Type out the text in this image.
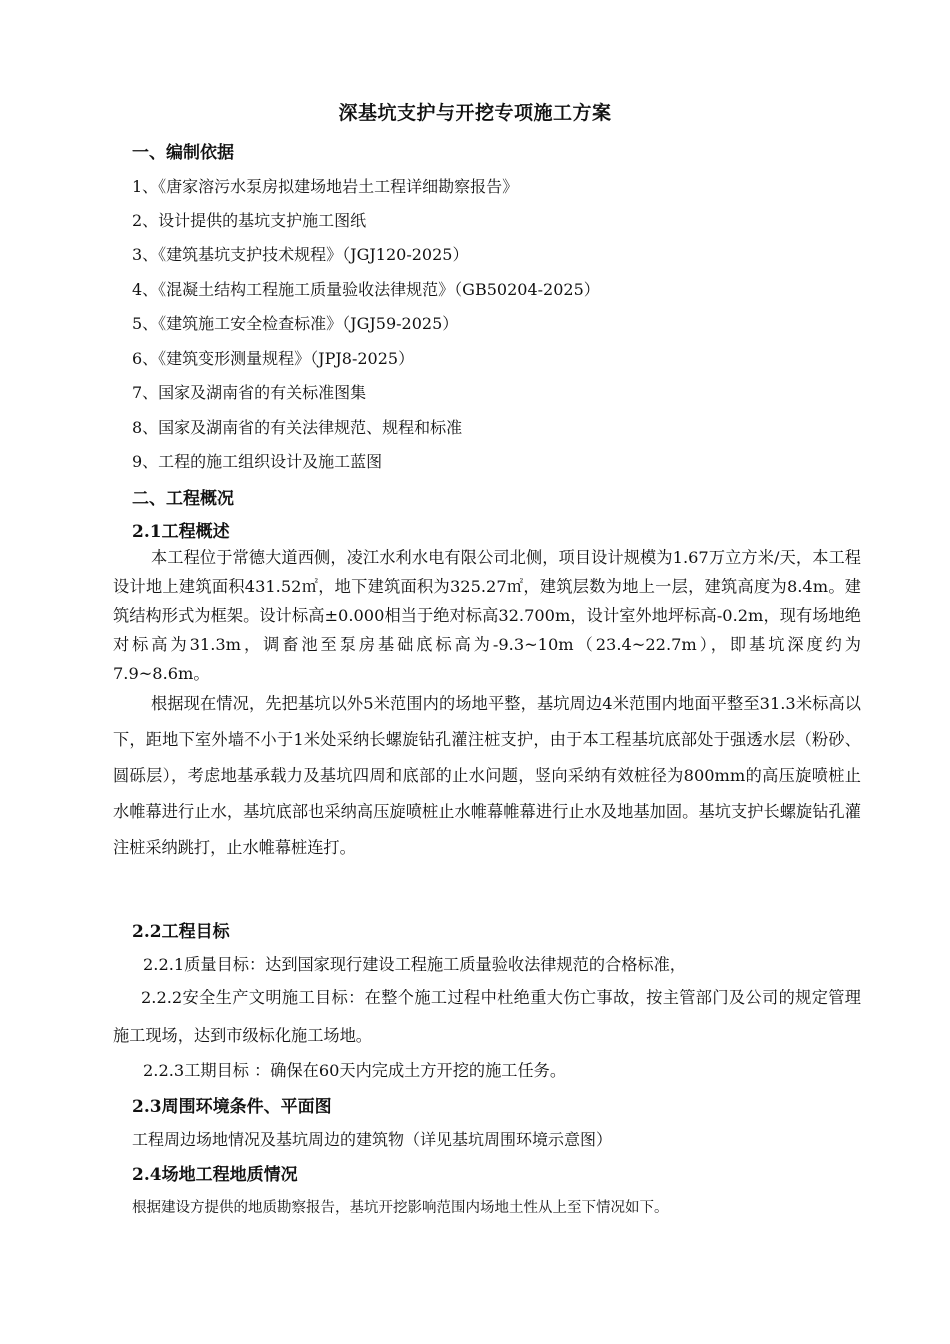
深基坑支护与开挖专项施工方案
一、编制依据
1、《唐家溶污水泵房拟建场地岩土工程详细勘察报告》
2、设计提供的基坑支护施工图纸
3、《建筑基坑支护技术规程》（JGJ120-2025）
4、《混凝土结构工程施工质量验收法律规范》（GB50204-2025）
5、《建筑施工安全检查标准》（JGJ59-2025）
6、《建筑变形测量规程》（JPJ8-2025）
7、国家及湖南省的有关标准图集
8、国家及湖南省的有关法律规范、规程和标准
9、工程的施工组织设计及施工蓝图
二、工程概况
2.1工程概述
本工程位于常德大道西侧，凌江水利水电有限公司北侧，项目设计规模为1.67万立方米/天，本工程设计地上建筑面积431.52㎡，地下建筑面积为325.27㎡，建筑层数为地上一层，建筑高度为8.4m。建筑结构形式为框架。设计标高±0.000相当于绝对标高32.700m，设计室外地坪标高-0.2m，现有场地绝对标高为31.3m，调畜池至泵房基础底标高为-9.3~10m（23.4~22.7m），即基坑深度约为7.9~8.6m。
根据现在情况，先把基坑以外5米范围内的场地平整，基坑周边4米范围内地面平整至31.3米标高以下，距地下室外墙不小于1米处采纳长螺旋钻孔灌注桩支护，由于本工程基坑底部处于强透水层（粉砂、圆砾层），考虑地基承载力及基坑四周和底部的止水问题，竖向采纳有效桩径为800mm的高压旋喷桩止水帷幕进行止水，基坑底部也采纳高压旋喷桩止水帷幕帷幕进行止水及地基加固。基坑支护长螺旋钻孔灌注桩采纳跳打，止水帷幕桩连打。
2.2工程目标
2.2.1质量目标：达到国家现行建设工程施工质量验收法律规范的合格标准，
2.2.2安全生产文明施工目标：在整个施工过程中杜绝重大伤亡事故，按主管部门及公司的规定管理施工现场，达到市级标化施工场地。
2.2.3工期目标 ：确保在60天内完成土方开挖的施工任务。
2.3周围环境条件、平面图
工程周边场地情况及基坑周边的建筑物（详见基坑周围环境示意图）
2.4场地工程地质情况
根据建设方提供的地质勘察报告，基坑开挖影响范围内场地土性从上至下情况如下。
